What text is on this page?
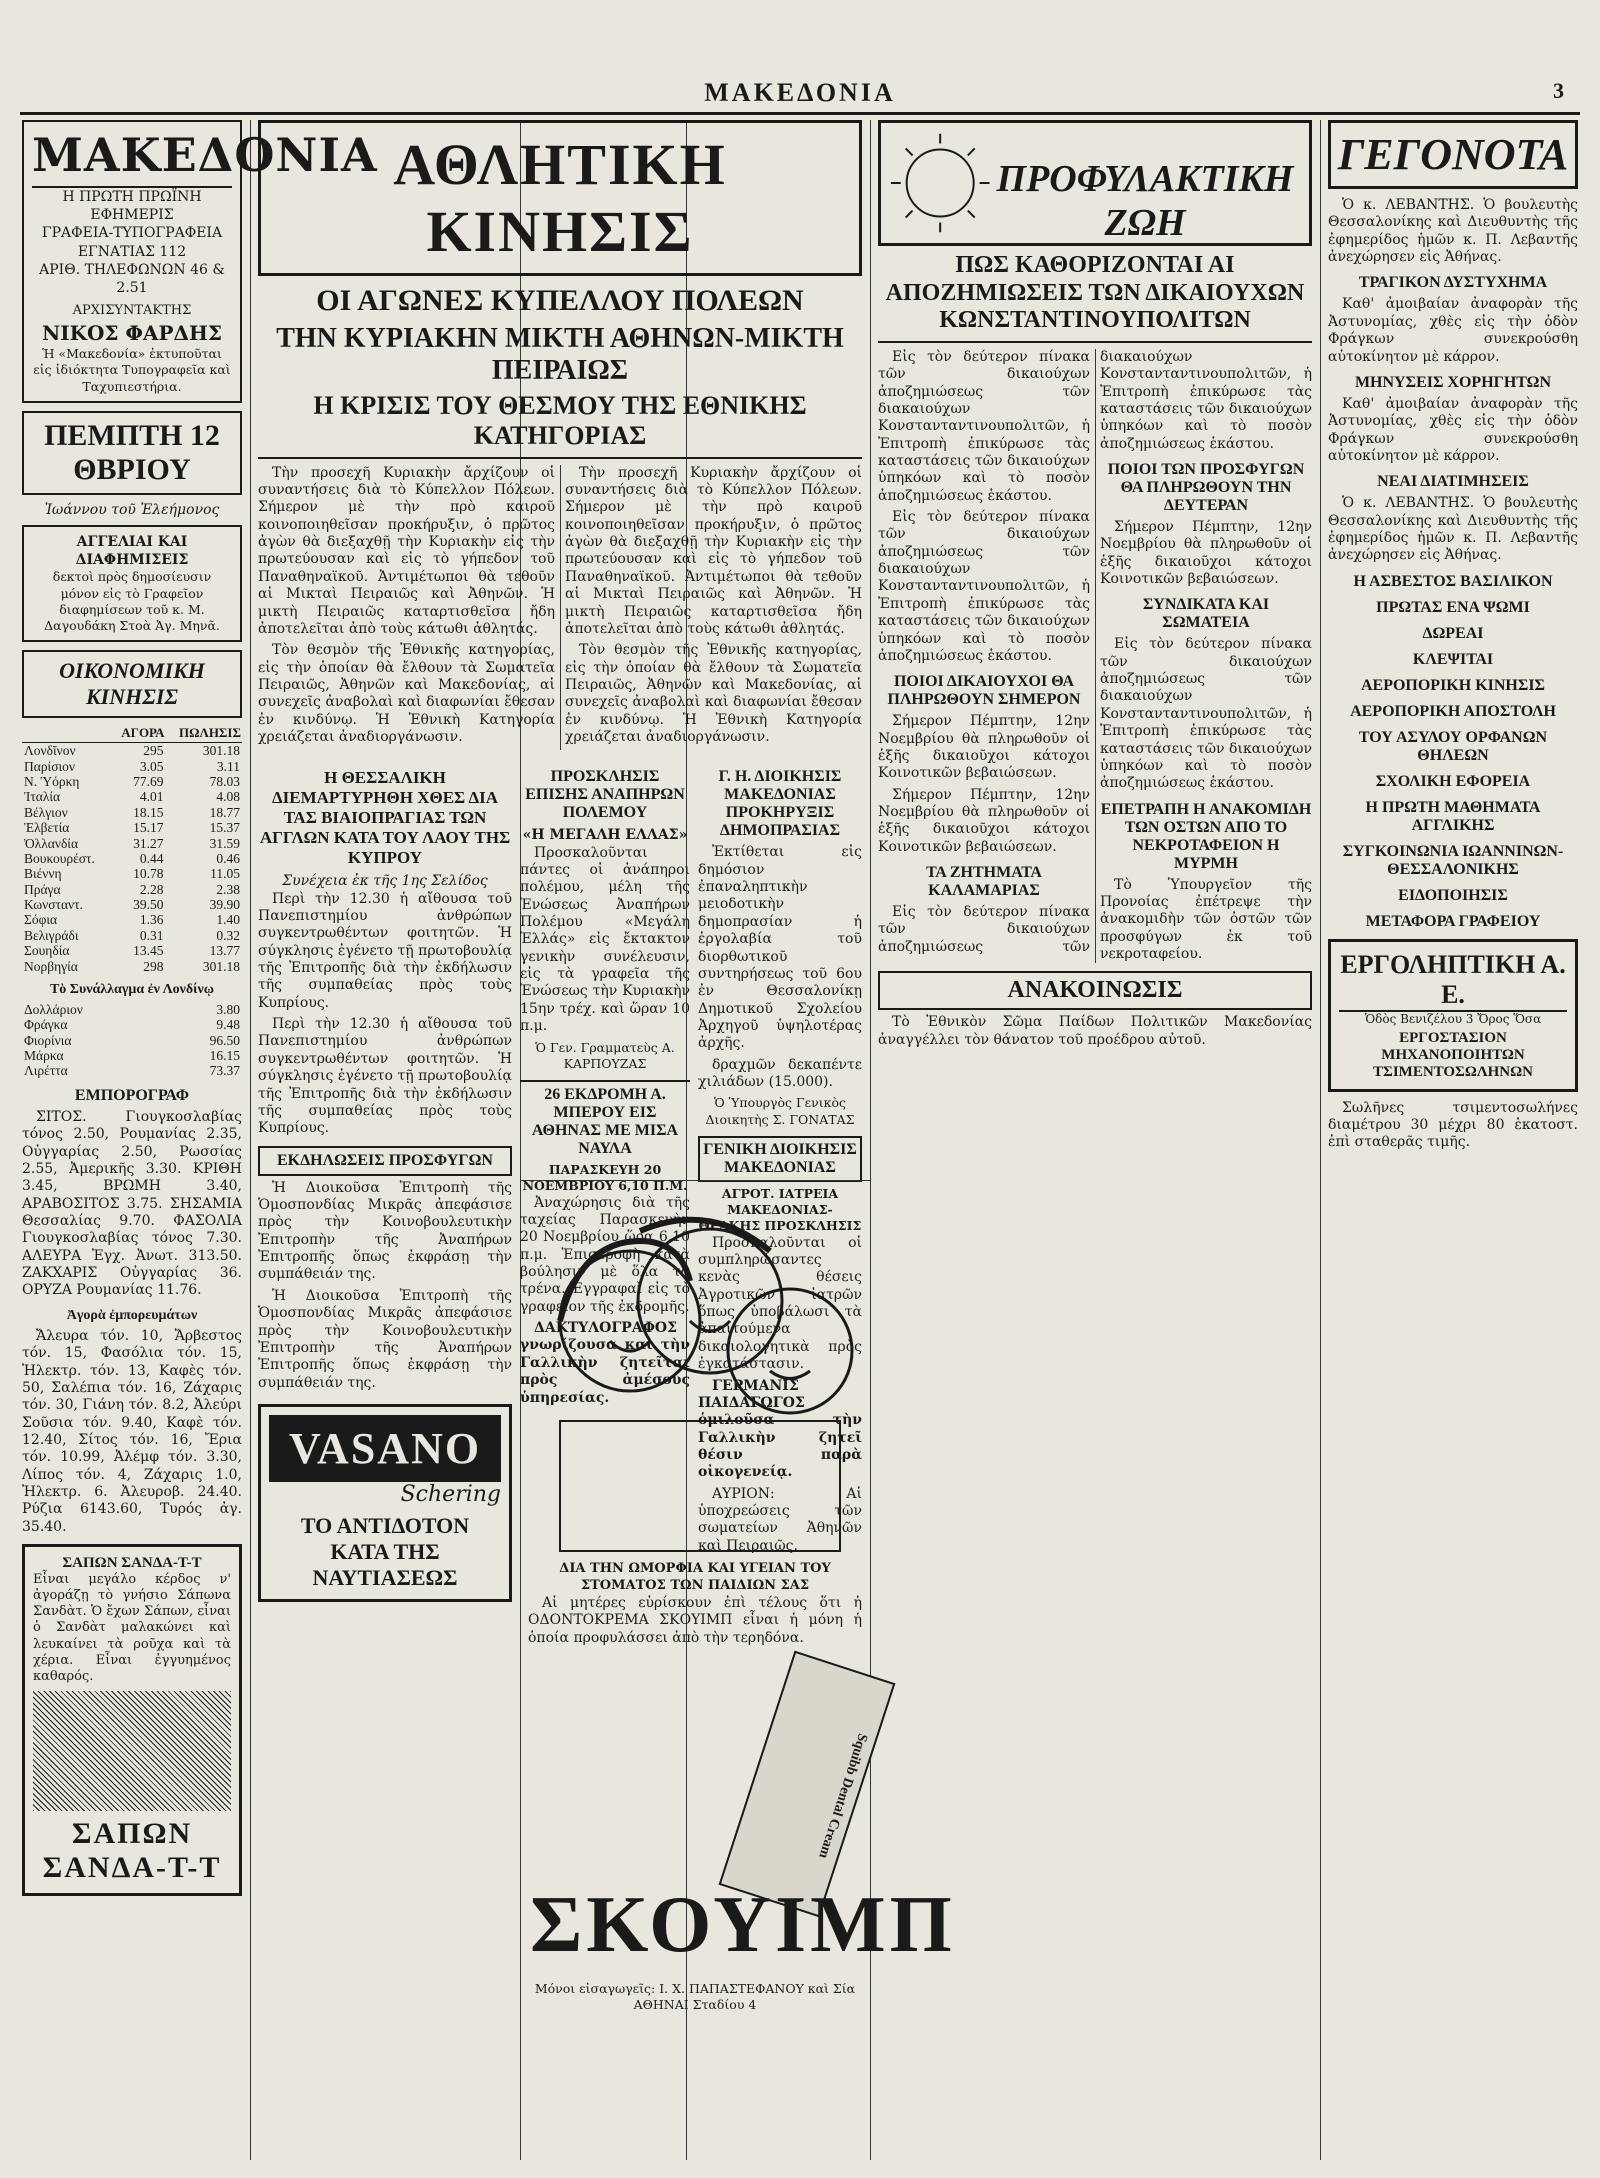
ΜΑΚΕΔΟΝΙΑ	3
ΜΑΚΕΔΟΝΙΑ
Η ΠΡΩΤΗ ΠΡΩΪΝΗ ΕΦΗΜΕΡΙΣ
ΓΡΑΦΕΙΑ-ΤΥΠΟΓΡΑΦΕΙΑ ΕΓΝΑΤΙΑΣ 112
ΑΡΙΘ. ΤΗΛΕΦΩΝΩΝ 46 & 2.51
ΑΡΧΙΣΥΝΤΑΚΤΗΣ
ΝΙΚΟΣ ΦΑΡΔΗΣ
Ἡ «Μακεδονία» ἐκτυποῦται εἰς ἰδιόκτητα Τυπογραφεῖα καὶ Ταχυπιεστήρια.
ΠΕΜΠΤΗ 12 ΘΒΡΙΟΥ
Ἰωάννου τοῦ Ἐλεήμονος
ΑΓΓΕΛΙΑΙ ΚΑΙ ΔΙΑΦΗΜΙΣΕΙΣ
δεκτοὶ πρὸς δημοσίευσιν μόνον εἰς τὸ Γραφεῖον διαφημίσεων τοῦ κ. Μ. Δαγουδάκη Στοὰ Ἀγ. Μηνᾶ.
ΟΙΚΟΝΟΜΙΚΗ ΚΙΝΗΣΙΣ
	ΑΓΟΡΑ	ΠΩΛΗΣΙΣ
Λονδῖνον	295	301.18
Παρίσιον	3.05	3.11
Ν. Ὑόρκη	77.69	78.03
Ἰταλία	4.01	4.08
Βέλγιον	18.15	18.77
Ἐλβετία	15.17	15.37
Ὀλλανδία	31.27	31.59
Βουκουρέστ.	0.44	0.46
Βιέννη	10.78	11.05
Πράγα	2.28	2.38
Κωνσταντ.	39.50	39.90
Σόφια	1.36	1.40
Βελιγράδι	0.31	0.32
Σουηδία	13.45	13.77
Νορβηγία	298	301.18
Τὸ Συνάλλαγμα ἐν Λονδίνῳ
Δολλάριον	3.80
Φράγκα	9.48
Φιορίνια	96.50
Μάρκα	16.15
Λιρέττα	73.37
ΕΜΠΟΡΟΓΡΑΦ

ΣΙΤΟΣ. Γιουγκοσλαβίας τόνος 2.50, Ρουμανίας 2.35, Οὐγγαρίας 2.50, Ρωσσίας 2.55, Ἀμερικῆς 3.30. ΚΡΙΘΗ 3.45, ΒΡΩΜΗ 3.40, ΑΡΑΒΟΣΙΤΟΣ 3.75. ΣΗΣΑΜΙΑ Θεσσαλίας 9.70. ΦΑΣΟΛΙΑ Γιουγκοσλαβίας τόνος 7.30. ΑΛΕΥΡΑ Ἐγχ. Ἀνωτ. 313.50. ΖΑΚΧΑΡΙΣ Οὐγγαρίας 36. ΟΡΥΖΑ Ρουμανίας 11.76.

Ἀγορὰ ἐμπορευμάτων

Ἄλευρα τόν. 10, Ἄρβεστος τόν. 15, Φασόλια τόν. 15, Ἠλεκτρ. τόν. 13, Καφὲς τόν. 50, Σαλέπια τόν. 16, Ζάχαρις τόν. 30, Γιάνη τόν. 8.2, Ἀλεύρι Σοῦσια τόν. 9.40, Καφὲ τόν. 12.40, Σίτος τόν. 16, Ἔρια τόν. 10.99, Ἀλέμφ τόν. 3.30, Λίπος τόν. 4, Ζάχαρις 1.0, Ἠλεκτρ. 6. Ἀλευροβ. 24.40. Ρύζια 6143.60, Τυρός ἀγ. 35.40.

ΣΑΠΩΝ ΣΑΝΔΑ-Τ-Τ

Εἶναι μεγάλο κέρδος ν' ἀγοράζῃ τὸ γνήσιο Σάπωνα Σανδὰτ. Ὁ ἔχων Σάπων, εἶναι ὁ Σανδὰτ μαλακώνει καὶ λευκαίνει τὰ ροῦχα καὶ τὰ χέρια. Εἶναι ἐγγυημένος καθαρός.

ΣΑΠΩΝ ΣΑΝΔΑ-Τ-Τ
ΑΘΛΗΤΙΚΗ ΚΙΝΗΣΙΣ
ΟΙ ΑΓΩΝΕΣ ΚΥΠΕΛΛΟΥ ΠΟΛΕΩΝ
ΤΗΝ ΚΥΡΙΑΚΗΝ ΜΙΚΤΗ ΑΘΗΝΩΝ-ΜΙΚΤΗ ΠΕΙΡΑΙΩΣ
Η ΚΡΙΣΙΣ ΤΟΥ ΘΕΣΜΟΥ ΤΗΣ ΕΘΝΙΚΗΣ ΚΑΤΗΓΟΡΙΑΣ

Τὴν προσεχῆ Κυριακὴν ἄρχίζουν οἱ συναντήσεις διὰ τὸ Κύπελλον Πόλεων. Σήμερον μὲ τὴν πρὸ καιροῦ κοινοποιηθεῖσαν προκήρυξιν, ὁ πρῶτος ἀγὼν θὰ διεξαχθῇ τὴν Κυριακὴν εἰς τὴν πρωτεύουσαν καὶ εἰς τὸ γήπεδον τοῦ Παναθηναϊκοῦ. Ἀντιμέτωποι θὰ τεθοῦν αἱ Μικταὶ Πειραιῶς καὶ Ἀθηνῶν. Ἡ μικτὴ Πειραιῶς καταρτισθεῖσα ἤδη ἀποτελεῖται ἀπὸ τοὺς κάτωθι ἀθλητάς.

Τὸν θεσμὸν τῆς Ἐθνικῆς κατηγορίας, εἰς τὴν ὁποίαν θὰ ἔλθουν τὰ Σωματεῖα Πειραιῶς, Ἀθηνῶν καὶ Μακεδονίας, αἱ συνεχεῖς ἀναβολαὶ καὶ διαφωνίαι ἔθεσαν ἐν κινδύνῳ. Ἡ Ἐθνικὴ Κατηγορία χρειάζεται ἀναδιοργάνωσιν.

Τὴν προσεχῆ Κυριακὴν ἄρχίζουν οἱ συναντήσεις διὰ τὸ Κύπελλον Πόλεων. Σήμερον μὲ τὴν πρὸ καιροῦ κοινοποιηθεῖσαν προκήρυξιν, ὁ πρῶτος ἀγὼν θὰ διεξαχθῇ τὴν Κυριακὴν εἰς τὴν πρωτεύουσαν καὶ εἰς τὸ γήπεδον τοῦ Παναθηναϊκοῦ. Ἀντιμέτωποι θὰ τεθοῦν αἱ Μικταὶ Πειραιῶς καὶ Ἀθηνῶν. Ἡ μικτὴ Πειραιῶς καταρτισθεῖσα ἤδη ἀποτελεῖται ἀπὸ τοὺς κάτωθι ἀθλητάς.

Τὸν θεσμὸν τῆς Ἐθνικῆς κατηγορίας, εἰς τὴν ὁποίαν θὰ ἔλθουν τὰ Σωματεῖα Πειραιῶς, Ἀθηνῶν καὶ Μακεδονίας, αἱ συνεχεῖς ἀναβολαὶ καὶ διαφωνίαι ἔθεσαν ἐν κινδύνῳ. Ἡ Ἐθνικὴ Κατηγορία χρειάζεται ἀναδιοργάνωσιν.

Η ΘΕΣΣΑΛΙΚΗ ΔΙΕΜΑΡΤΥΡΗΘΗ ΧΘΕΣ ΔΙΑ ΤΑΣ ΒΙΑΙΟΠΡΑΓΙΑΣ ΤΩΝ ΑΓΓΛΩΝ ΚΑΤΑ ΤΟΥ ΛΑΟΥ ΤΗΣ ΚΥΠΡΟΥ
Συνέχεια ἐκ τῆς 1ης Σελίδος

Περὶ τὴν 12.30 ἡ αἴθουσα τοῦ Πανεπιστημίου ἀνθρώπων συγκεντρωθέντων φοιτητῶν. Ἡ σύγκλησις ἐγένετο τῇ πρωτοβουλίᾳ τῆς Ἐπιτροπῆς διὰ τὴν ἐκδήλωσιν τῆς συμπαθείας πρὸς τοὺς Κυπρίους.

Περὶ τὴν 12.30 ἡ αἴθουσα τοῦ Πανεπιστημίου ἀνθρώπων συγκεντρωθέντων φοιτητῶν. Ἡ σύγκλησις ἐγένετο τῇ πρωτοβουλίᾳ τῆς Ἐπιτροπῆς διὰ τὴν ἐκδήλωσιν τῆς συμπαθείας πρὸς τοὺς Κυπρίους.

ΕΚΔΗΛΩΣΕΙΣ ΠΡΟΣΦΥΓΩΝ

Ἡ Διοικοῦσα Ἐπιτροπὴ τῆς Ὁμοσπονδίας Μικρᾶς ἀπεφάσισε πρὸς τὴν Κοινοβουλευτικὴν Ἐπιτροπὴν τῆς Ἀναπήρων Ἐπιτροπῆς ὅπως ἐκφράσῃ τὴν συμπάθειάν της.

Ἡ Διοικοῦσα Ἐπιτροπὴ τῆς Ὁμοσπονδίας Μικρᾶς ἀπεφάσισε πρὸς τὴν Κοινοβουλευτικὴν Ἐπιτροπὴν τῆς Ἀναπήρων Ἐπιτροπῆς ὅπως ἐκφράσῃ τὴν συμπάθειάν της.

VASANO
Schering
ΤΟ ΑΝΤΙΔΟΤΟΝ ΚΑΤΑ ΤΗΣ ΝΑΥΤΙΑΣΕΩΣ
ΠΡΟΣΚΛΗΣΙΣ ΕΠΙΣΗΣ ΑΝΑΠΗΡΩΝ ΠΟΛΕΜΟΥ
«Η ΜΕΓΑΛΗ ΕΛΛΑΣ»

Προσκαλοῦνται πάντες οἱ ἀνάπηροι πολέμου, μέλη τῆς Ἑνώσεως Ἀναπήρων Πολέμου «Μεγάλη Ἑλλάς» εἰς ἔκτακτον γενικὴν συνέλευσιν, εἰς τὰ γραφεῖα τῆς Ἑνώσεως τὴν Κυριακὴν 15ην τρέχ. καὶ ὥραν 10 π.μ.

Ὁ Γεν. Γραμματεὺς Α. ΚΑΡΠΟΥΖΑΣ
26 ΕΚΔΡΟΜΗ Α. ΜΠΕΡΟΥ ΕΙΣ ΑΘΗΝΑΣ ΜΕ ΜΙΣΑ ΝΑΥΛΑ
ΠΑΡΑΣΚΕΥΗ 20 ΝΟΕΜΒΡΙΟΥ 6,10 Π.Μ.

Ἀναχώρησις διὰ τῆς ταχείας Παρασκευὴν 20 Νοεμβρίου ὥρα 6.10 π.μ. Ἐπιστροφὴ κατὰ βούλησιν μὲ ὅλα τὰ τρένα. Ἐγγραφαὶ εἰς τὸ γραφεῖον τῆς ἐκδρομῆς.

ΔΑΚΤΥΛΟΓΡΑΦΟΣ γνωρίζουσα καὶ τὴν Γαλλικὴν ζητεῖται πρὸς ἀμέσους ὑπηρεσίας.

Γ. Η. ΔΙΟΙΚΗΣΙΣ ΜΑΚΕΔΟΝΙΑΣ ΠΡΟΚΗΡΥΞΙΣ ΔΗΜΟΠΡΑΣΙΑΣ

Ἐκτίθεται εἰς δημόσιον ἐπαναληπτικὴν μειοδοτικὴν δημοπρασίαν ἡ ἐργολαβία τοῦ διορθωτικοῦ συντηρήσεως τοῦ 6ου ἐν Θεσσαλονίκῃ Δημοτικοῦ Σχολείου Ἀρχηγοῦ ὑψηλοτέρας ἀρχῆς.

δραχμῶν δεκαπέντε χιλιάδων (15.000).

Ὁ Ὑπουργὸς Γενικὸς Διοικητὴς Σ. ΓΟΝΑΤΑΣ
ΓΕΝΙΚΗ ΔΙΟΙΚΗΣΙΣ ΜΑΚΕΔΟΝΙΑΣ
ΑΓΡΟΤ. ΙΑΤΡΕΙΑ ΜΑΚΕΔΟΝΙΑΣ-ΘΡΑΚΗΣ ΠΡΟΣΚΛΗΣΙΣ

Προσκαλοῦνται οἱ συμπληρώσαντες κενὰς θέσεις Ἀγροτικῶν ἰατρῶν ὅπως ὑποβάλωσι τὰ ἀπαιτούμενα δικαιολογητικὰ πρὸς ἐγκατάστασιν.

ΓΕΡΜΑΝΙΣ ΠΑΙΔΑΓΩΓΟΣ ὁμιλοῦσα τὴν Γαλλικὴν ζητεῖ θέσιν παρὰ οἰκογενείᾳ.

ΑΥΡΙΟΝ: Αἱ ὑποχρεώσεις τῶν σωματείων Ἀθηνῶν καὶ Πειραιῶς.

ΔΙΑ ΤΗΝ ΩΜΟΡΦΙΑ ΚΑΙ ΥΓΕΙΑΝ ΤΟΥ ΣΤΟΜΑΤΟΣ ΤΩΝ ΠΑΙΔΙΩΝ ΣΑΣ

Αἱ μητέρες εὑρίσκουν ἐπὶ τέλους ὅτι ἡ ΟΔΟΝΤΟΚΡΕΜΑ ΣΚΟΥΙΜΠ εἶναι ἡ μόνη ἡ ὁποία προφυλάσσει ἀπὸ τὴν τερηδόνα.

Squibb Dental Cream
ΣΚΟΥΙΜΠ
Μόνοι εἰσαγωγεῖς: Ι. Χ. ΠΑΠΑΣΤΕΦΑΝΟΥ καὶ Σία ΑΘΗΝΑΙ Σταδίου 4
ΠΡΟΦΥΛΑΚΤΙΚΗ ΖΩΗ
ΠΩΣ ΚΑΘΟΡΙΖΟΝΤΑΙ ΑΙ ΑΠΟΖΗΜΙΩΣΕΙΣ ΤΩΝ ΔΙΚΑΙΟΥΧΩΝ ΚΩΝΣΤΑΝΤΙΝΟΥΠΟΛΙΤΩΝ

Εἰς τὸν δεύτερον πίνακα τῶν δικαιούχων ἀποζημιώσεως τῶν διακαιούχων Κονστανταντινουπολιτῶν, ἡ Ἐπιτροπὴ ἐπικύρωσε τὰς καταστάσεις τῶν δικαιούχων ὑπηκόων καὶ τὸ ποσὸν ἀποζημιώσεως ἑκάστου.

Εἰς τὸν δεύτερον πίνακα τῶν δικαιούχων ἀποζημιώσεως τῶν διακαιούχων Κονστανταντινουπολιτῶν, ἡ Ἐπιτροπὴ ἐπικύρωσε τὰς καταστάσεις τῶν δικαιούχων ὑπηκόων καὶ τὸ ποσὸν ἀποζημιώσεως ἑκάστου.

ΠΟΙΟΙ ΔΙΚΑΙΟΥΧΟΙ ΘΑ ΠΛΗΡΩΘΟΥΝ ΣΗΜΕΡΟΝ

Σήμερον Πέμπτην, 12ην Νοεμβρίου θὰ πληρωθοῦν οἱ ἑξῆς δικαιοῦχοι κάτοχοι Κοινοτικῶν βεβαιώσεων.

Σήμερον Πέμπτην, 12ην Νοεμβρίου θὰ πληρωθοῦν οἱ ἑξῆς δικαιοῦχοι κάτοχοι Κοινοτικῶν βεβαιώσεων.

ΤΑ ΖΗΤΗΜΑΤΑ ΚΑΛΑΜΑΡΙΑΣ

Εἰς τὸν δεύτερον πίνακα τῶν δικαιούχων ἀποζημιώσεως τῶν διακαιούχων Κονστανταντινουπολιτῶν, ἡ Ἐπιτροπὴ ἐπικύρωσε τὰς καταστάσεις τῶν δικαιούχων ὑπηκόων καὶ τὸ ποσὸν ἀποζημιώσεως ἑκάστου.

ΠΟΙΟΙ ΤΩΝ ΠΡΟΣΦΥΓΩΝ ΘΑ ΠΛΗΡΩΘΟΥΝ ΤΗΝ ΔΕΥΤΕΡΑΝ

Σήμερον Πέμπτην, 12ην Νοεμβρίου θὰ πληρωθοῦν οἱ ἑξῆς δικαιοῦχοι κάτοχοι Κοινοτικῶν βεβαιώσεων.

ΣΥΝΔΙΚΑΤΑ ΚΑΙ ΣΩΜΑΤΕΙΑ

Εἰς τὸν δεύτερον πίνακα τῶν δικαιούχων ἀποζημιώσεως τῶν διακαιούχων Κονστανταντινουπολιτῶν, ἡ Ἐπιτροπὴ ἐπικύρωσε τὰς καταστάσεις τῶν δικαιούχων ὑπηκόων καὶ τὸ ποσὸν ἀποζημιώσεως ἑκάστου.

ΕΠΕΤΡΑΠΗ Η ΑΝΑΚΟΜΙΔΗ ΤΩΝ ΟΣΤΩΝ ΑΠΟ ΤΟ ΝΕΚΡΟΤΑΦΕΙΟΝ Η ΜΥΡΜΗ

Τὸ Ὑπουργεῖον τῆς Προνοίας ἐπέτρεψε τὴν ἀνακομιδὴν τῶν ὀστῶν τῶν προσφύγων ἐκ τοῦ νεκροταφείου.

ΑΝΑΚΟΙΝΩΣΙΣ

Τὸ Ἐθνικὸν Σῶμα Παίδων Πολιτικῶν Μακεδονίας ἀναγγέλλει τὸν θάνατον τοῦ προέδρου αὐτοῦ.

ΓΕΓΟΝΟΤΑ

Ὁ κ. ΛΕΒΑΝΤΗΣ. Ὁ βουλευτὴς Θεσσαλονίκης καὶ Διευθυντὴς τῆς ἐφημερίδος ἡμῶν κ. Π. Λεβαντῆς ἀνεχώρησεν εἰς Ἀθήνας.

ΤΡΑΓΙΚΟΝ ΔΥΣΤΥΧΗΜΑ

Καθ' ἀμοιβαίαν ἀναφορὰν τῆς Ἀστυνομίας, χθὲς εἰς τὴν ὁδὸν Φράγκων συνεκρούσθη αὐτοκίνητον μὲ κάρρον.

ΜΗΝΥΣΕΙΣ ΧΟΡΗΓΗΤΩΝ

Καθ' ἀμοιβαίαν ἀναφορὰν τῆς Ἀστυνομίας, χθὲς εἰς τὴν ὁδὸν Φράγκων συνεκρούσθη αὐτοκίνητον μὲ κάρρον.

ΝΕΑΙ ΔΙΑΤΙΜΗΣΕΙΣ

Ὁ κ. ΛΕΒΑΝΤΗΣ. Ὁ βουλευτὴς Θεσσαλονίκης καὶ Διευθυντὴς τῆς ἐφημερίδος ἡμῶν κ. Π. Λεβαντῆς ἀνεχώρησεν εἰς Ἀθήνας.

Η ΑΣΒΕΣΤΟΣ ΒΑΣΙΛΙΚΟΝ
ΠΡΩΤΑΣ ΕΝΑ ΨΩΜΙ
ΔΩΡΕΑΙ
ΚΛΕΨΙΤΑΙ
ΑΕΡΟΠΟΡΙΚΗ ΚΙΝΗΣΙΣ
ΑΕΡΟΠΟΡΙΚΗ ΑΠΟΣΤΟΛΗ
ΤΟΥ ΑΣΥΛΟΥ ΟΡΦΑΝΩΝ ΘΗΛΕΩΝ
ΣΧΟΛΙΚΗ ΕΦΟΡΕΙΑ
Η ΠΡΩΤΗ ΜΑΘΗΜΑΤΑ ΑΓΓΛΙΚΗΣ
ΣΥΓΚΟΙΝΩΝΙΑ ΙΩΑΝΝΙΝΩΝ-ΘΕΣΣΑΛΟΝΙΚΗΣ
ΕΙΔΟΠΟΙΗΣΙΣ
ΜΕΤΑΦΟΡΑ ΓΡΑΦΕΙΟΥ
ΕΡΓΟΛΗΠΤΙΚΗ Α. Ε.
Ὁδὸς Βενιζέλου 3 Ὄρος Ὅσα
ΕΡΓΟΣΤΑΣΙΟΝ ΜΗΧΑΝΟΠΟΙΗΤΩΝ ΤΣΙΜΕΝΤΟΣΩΛΗΝΩΝ

Σωλῆνες τσιμεντοσωλήνες διαμέτρου 30 μέχρι 80 ἑκατοστ. ἐπὶ σταθερᾶς τιμῆς.
